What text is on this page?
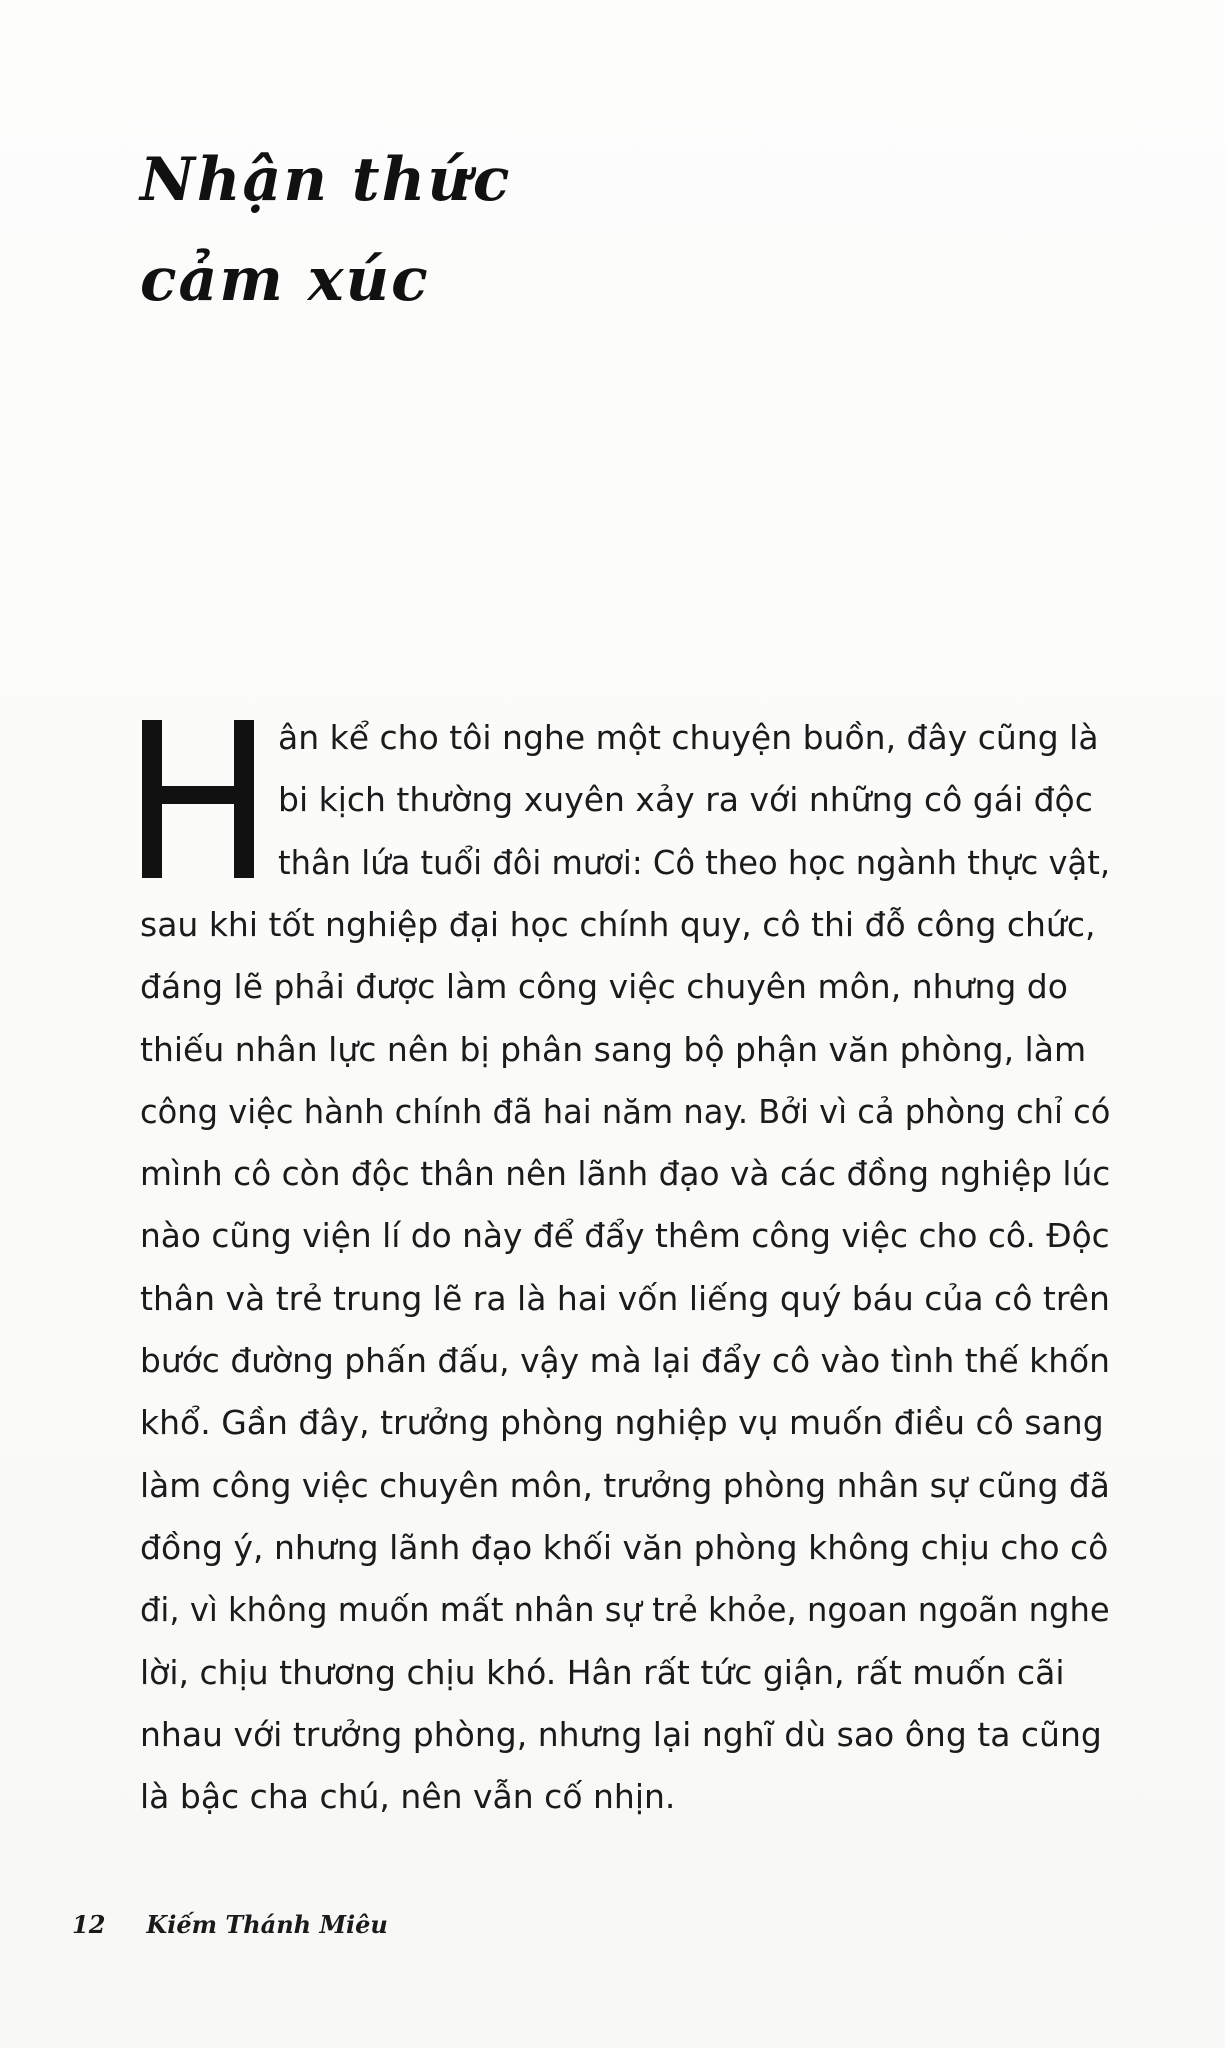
Nhận thức
cảm xúc
ân kể cho tôi nghe một chuyện buồn, đây cũng là
bi kịch thường xuyên xảy ra với những cô gái độc
thân lứa tuổi đôi mươi: Cô theo học ngành thực vật,
sau khi tốt nghiệp đại học chính quy, cô thi đỗ công chức,
đáng lẽ phải được làm công việc chuyên môn, nhưng do
thiếu nhân lực nên bị phân sang bộ phận văn phòng, làm
công việc hành chính đã hai năm nay. Bởi vì cả phòng chỉ có
mình cô còn độc thân nên lãnh đạo và các đồng nghiệp lúc
nào cũng viện lí do này để đẩy thêm công việc cho cô. Độc
thân và trẻ trung lẽ ra là hai vốn liếng quý báu của cô trên
bước đường phấn đấu, vậy mà lại đẩy cô vào tình thế khốn
khổ. Gần đây, trưởng phòng nghiệp vụ muốn điều cô sang
làm công việc chuyên môn, trưởng phòng nhân sự cũng đã
đồng ý, nhưng lãnh đạo khối văn phòng không chịu cho cô
đi, vì không muốn mất nhân sự trẻ khỏe, ngoan ngoãn nghe
lời, chịu thương chịu khó. Hân rất tức giận, rất muốn cãi
nhau với trưởng phòng, nhưng lại nghĩ dù sao ông ta cũng
là bậc cha chú, nên vẫn cố nhịn.
12 Kiếm Thánh Miêu
